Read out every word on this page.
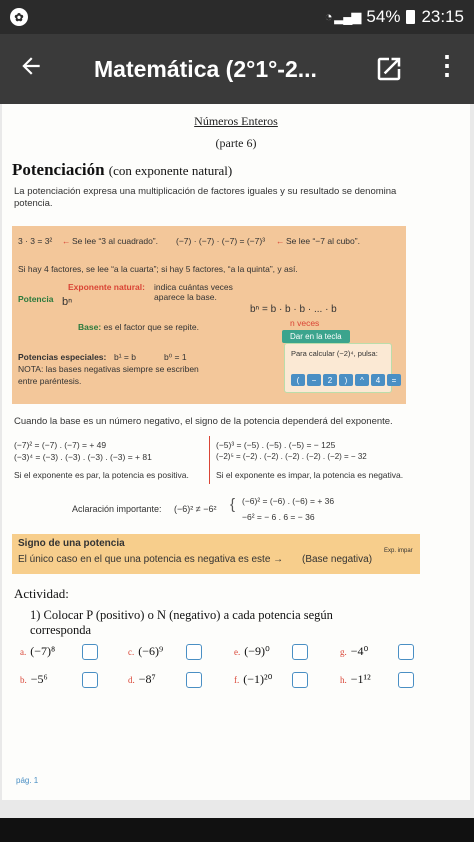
✿	◔ ▂▄▆ 54% 23:15
Matemática (2°1°-2...	⋮
Números Enteros
(parte 6)
Potenciación (con exponente natural)
La potenciación expresa una multiplicación de factores iguales y su resultado se denomina potencia.
3 · 3 = 3² ← Se lee “3 al cuadrado”. (−7) · (−7) · (−7) = (−7)³ ← Se lee “−7 al cubo”.
Si hay 4 factores, se lee “a la cuarta”; si hay 5 factores, “a la quinta”, y así.
Exponente natural: indica cuántas veces
aparece la base.
Potencia bⁿ
Base: es el factor que se repite.
bⁿ = b · b · b · ... · b
n veces
Potencias especiales: b¹ = b	b⁰ = 1
NOTA: las bases negativas siempre se escriben
entre paréntesis.
Para calcular (−2)⁴, pulsa:
(	−	2	)	^	4	=
Dar en la tecla
Cuando la base es un número negativo, el signo de la potencia dependerá del exponente.
(−7)² = (−7) . (−7) = + 49
(−3)⁴ = (−3) . (−3) . (−3) . (−3) = + 81
Si el exponente es par, la potencia es positiva.
(−5)³ = (−5) . (−5) . (−5) = − 125
(−2)⁵ = (−2) . (−2) . (−2) . (−2) . (−2) = − 32
Si el exponente es impar, la potencia es negativa.
Aclaración importante: (−6)² ≠ −6² { (−6)² = (−6) . (−6) = + 36
−6² = − 6 . 6 = − 36
Signo de una potencia
El único caso en el que una potencia es negativa es este → (Base negativa)
Exp. impar
Actividad:
1) Colocar P (positivo) o N (negativo) a cada potencia según corresponda
a. (−7)⁸	c. (−6)⁹	e. (−9)⁰	g. −4⁰
b. −5⁶	d. −8⁷	f. (−1)²⁰	h. −1¹²
pág. 1
